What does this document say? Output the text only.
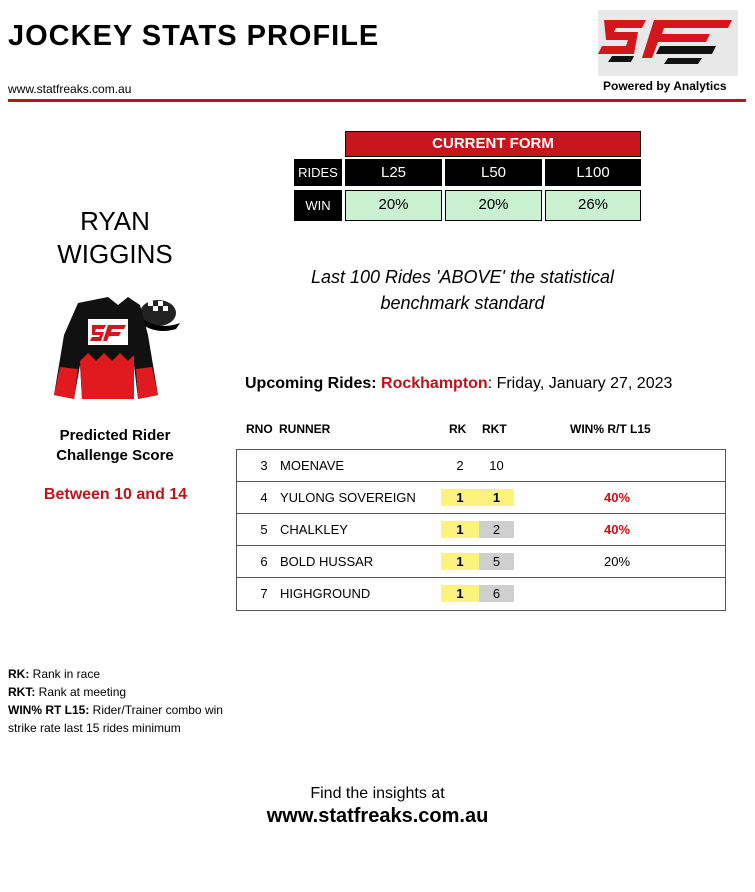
JOCKEY STATS PROFILE
www.statfreaks.com.au	Powered by Analytics
RYAN
WIGGINS
Predicted Rider
Challenge Score
Between 10 and 14
CURRENT FORM
RIDES	L25	L50	L100
WIN	20%	20%	26%
Last 100 Rides 'ABOVE' the statistical
benchmark standard
Upcoming Rides: Rockhampton: Friday, January 27, 2023
RNO RUNNER	RK RKT	WIN% R/T L15
3 MOENAVE	2	10
4 YULONG SOVEREIGN	1	1	40%
5 CHALKLEY	1	2	40%
6 BOLD HUSSAR	1	5	20%
7 HIGHGROUND	1	6
RK: Rank in race
RKT: Rank at meeting
WIN% RT L15: Rider/Trainer combo win strike rate last 15 rides minimum
Find the insights at
www.statfreaks.com.au
